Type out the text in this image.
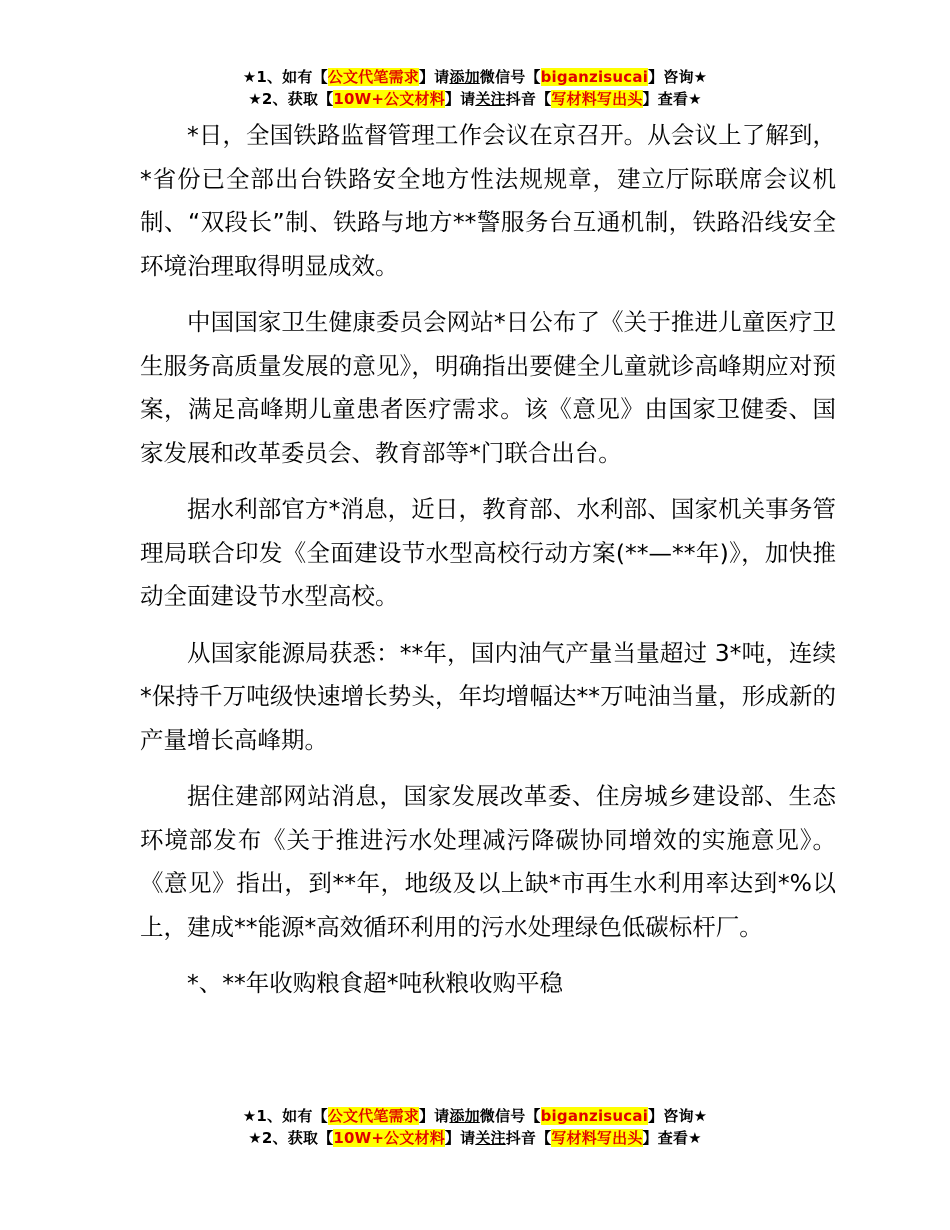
★1、如有【公文代笔需求】请添加微信号【biganzisucai】咨询★
★2、获取【10W+公文材料】请关注抖音【写材料写出头】查看★

*日，全国铁路监督管理工作会议在京召开。从会议上了解到，*省份已全部出台铁路安全地方性法规规章，建立厅际联席会议机制、“双段长”制、铁路与地方**警服务台互通机制，铁路沿线安全环境治理取得明显成效。

中国国家卫生健康委员会网站*日公布了《关于推进儿童医疗卫生服务高质量发展的意见》，明确指出要健全儿童就诊高峰期应对预案，满足高峰期儿童患者医疗需求。该《意见》由国家卫健委、国家发展和改革委员会、教育部等*门联合出台。

据水利部官方*消息，近日，教育部、水利部、国家机关事务管理局联合印发《全面建设节水型高校行动方案(**—**年)》，加快推动全面建设节水型高校。

从国家能源局获悉：**年，国内油气产量当量超过 3*吨，连续*保持千万吨级快速增长势头，年均增幅达**万吨油当量，形成新的产量增长高峰期。

据住建部网站消息，国家发展改革委、住房城乡建设部、生态环境部发布《关于推进污水处理减污降碳协同增效的实施意见》。《意见》指出，到**年，地级及以上缺*市再生水利用率达到*%以上，建成**能源*高效循环利用的污水处理绿色低碳标杆厂。

*、**年收购粮食超*吨秋粮收购平稳

★1、如有【公文代笔需求】请添加微信号【biganzisucai】咨询★
★2、获取【10W+公文材料】请关注抖音【写材料写出头】查看★
